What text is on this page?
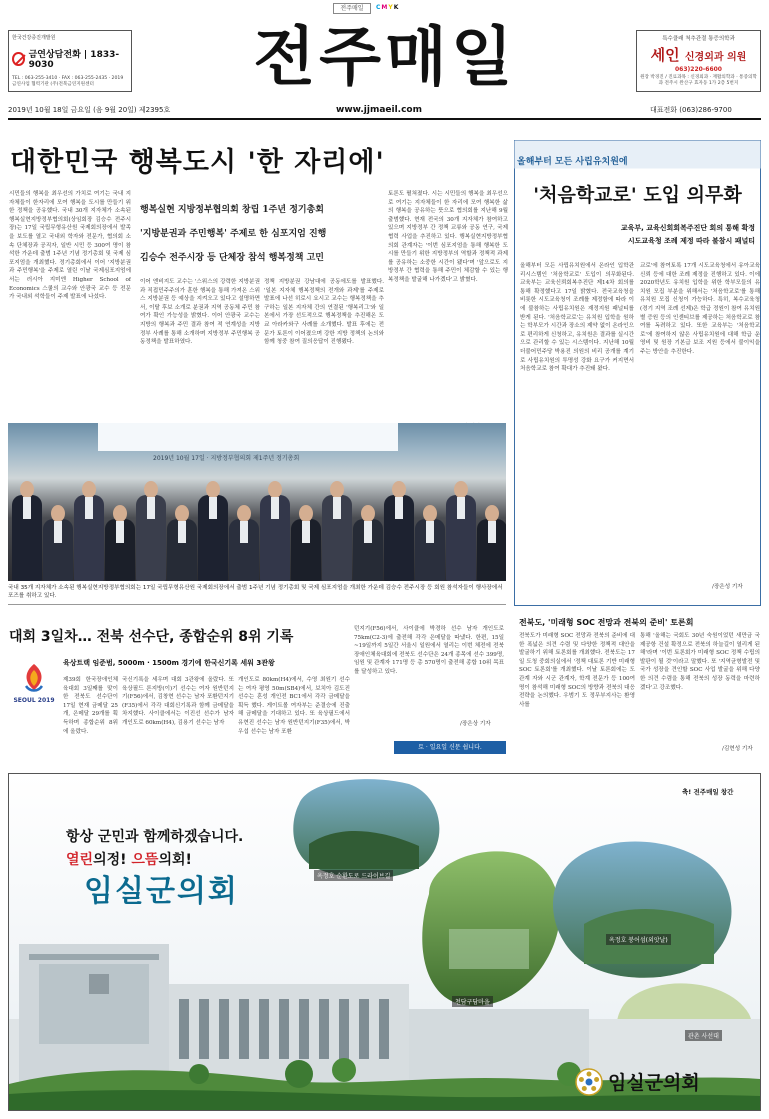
전주매일	CMYK
한국건강증진개발원
금연상담전화 | 1833-9030
TEL : 063-255-3410 · FAX : 063-255-2435 · 2019 금연사업 협력기관 (주)전북금연지원센터	전주매일	특수클래 척추관절 통증의학과
세인 신경외과 의원
063)220-6600
원장 박경진 / 진료과목 : 신경외과 · 재활의학과 · 통증의학과 전주시 완산구 효자동 1가 2층 5번지
2019년 10월 18일 금요일 (음 9월 20일) 제2395호	www.jjmaeil.com	대표전화 (063)286-9700
대한민국 행복도시 '한 자리에'
시민들의 행복을 최우선의 가치로 여기는 국내 지자체들이 한자리에 모여 행복을 도시를 만들기 위한 정책을 공유했다. 국내 30개 지자체가 소속된 행복실현지방정부협의회(상임회장 김승수 전주시장)는 17일 국립무형유산원 국제회의장에서 발족을 보도를 열고 국내외 학자와 전문가, 협의회 소속 단체장과 공직자, 일반 시민 등 300여 명이 참석한 가운데 출범 1주년 기념 정기총회 및 국제 심포지엄을 개최했다. 정기총회에서 이어 '지방분권과 주민행복'을 주제로 열린 이날 국제심포지엄에서는 러시아 지미엔 Higher School of Economics 스쿨의 교수와 안광국 교수 등 전문가 국내외 석학들이 주제 발표에 나섰다.
행복실현 지방정부협의회 창립 1주년 정기총회
'지방분권과 주민행복' 주제로 한 심포지엄 진행
김승수 전주시장 등 단체장 참석 행복정책 고민
이어 엔비지도 교수는 '스위스의 강력한 지방분권과 직접민주주의가 훈한 행복을 통해 가져온 스위스 지방분권 등 예상을 지켜오고 있다고 설명하면서, 이탈 후보 소개로 분권과 지역 공동체 주민 참여가 확인 가능성을 밝혔다. 이어 안광국 교수는 지방의 행복과 주민 결과 참여 적 연계성을 지방정부 사례를 통해 소개하며 지방정부 주민행복 공동정책을 발표하였다.
정책 지방분권 강남대에 공동에도를 발표했다. '일본 지자체 행복정책의 전개와 과제'를 주제로 발표에 나선 히로시 요시고 교수는 행복정책을 추구하는 일본 지자체 간의 연결된 '행복리그'와 일본에서 가장 선도적으로 행복정책을 추진해온 도쿄 아라카와구 사례를 소개했다. 발표 후에는 전문가 토론이 이어졌으며 강한 지방 정책의 논의와 함께 청중 참여 질의응답이 진행됐다.
토론도 펼쳐졌다. 시는 시민들의 행복을 최우선으로 여기는 지자체들이 한 자리에 모여 행복한 삶의 행복을 공유하는 뜻으로 협의회를 지난해 9월 출범했다. 현재 전국의 30개 지자체가 참여하고 있으며 지방정부 간 정책 교류와 공동 연구, 국제 협력 사업을 추진하고 있다. 행복실현지방정부협의회 관계자는 '이번 심포지엄을 통해 행복한 도시를 만들기 위한 지방정부의 역할과 정책적 과제를 공유하는 소중한 시간이 됐다'며 '앞으로도 지방정부 간 협력을 통해 주민이 체감할 수 있는 행복정책을 발굴해 나가겠다'고 밝혔다.
2019년 10월 17일 · 지방정부협의회 제1주년 정기총회
국내 35개 지자체가 소속된 행복실현지방정부협의회는 17일 국립무형유산원 국제회의장에서 출범 1주년 기념 정기총회 및 국제 심포지엄을 개최한 가운데 김승수 전주시장 등 회원 참석자들이 행사장에서 포즈를 취하고 있다.
올해부터 모든 사립유치원에
'처음학교로' 도입 의무화
교육부, 교육신회회복주진단 회의 통해 확정
시도교육청 조례 제정 따라 불참시 패널티
올해부터 모든 사립유치원에서 온라인 입학관리시스템인 '처음학교로' 도입이 의무화된다. 교육부는 교육신뢰회복추진단 제14차 회의를 통해 확정했다고 17일 밝혔다. 전국교육청을 비롯한 시도교육청이 조례를 제정함에 따라 이에 불참하는 사립유치원은 재정지원 패널티를 받게 된다. '처음학교로'는 유치원 입학을 원하는 학부모가 시간과 장소의 제약 없이 온라인으로 편리하게 신청하고, 유치원은 결과를 실시간으로 관리할 수 있는 시스템이다. 지난해 10월 더불어민주당 박용진 의원의 비리 공개를 계기로 사립유치원의 투명성 강화 요구가 커지면서 처음학교로 참여 확대가 추진돼 왔다.
교로'에 참여토록 17개 시도교육청에서 유아교육 신뢰 등에 대한 조례 제정을 진행하고 있다. 이에 2020학년도 유치원 입학을 위한 학부모들의 유치원 모집 부분을 위해서는 '처음학교로'를 통해 유치원 모집 신청이 가능하다. 특히, 복수교육청(경기 지역 조례 선제)은 학급 정원이 참여 유치원 별 증원 등의 인센티브를 제공하는 처음학교로 참여를 독려하고 있다. 또한 교육부는 '처음학교로'에 참여하지 않은 사립유치원에 대해 학급 운영비 및 원장 기본급 보조 지원 등에서 불이익을 주는 방안을 추진한다.
/장은성 기자
대회 3일차… 전북 선수단, 종합순위 8위 기록
육상트랙 임준범, 5000m · 1500m 경기에 한국신기록 세워 3관왕
SEOUL 2019
제39회 한국장애인체육대회 3일째를 맞이한 전북도 선수단이 17일 현재 금메달 25개, 은메달 29개를 획득하며 종합순위 8위에 올랐다.
국신기록을 세우며 대회 3관왕에 올랐다. 또 육상필드 론지방(이)기 선수는 여자 원반던지기(F56)에서, 김창현 선수는 남자 포환던지기(F35)에서 각각 대회신기록과 함께 금메달을 차지했다. 사이클에서는 이진선 선수가 남자 개인도로 60km(H4), 김용기 선수는 남자
개인도로 80km(H4)에서, 수영 최원기 선수는 여자 평영 50m(SB4)에서, 보치아 김도진 선수는 혼성 개인전 BC1에서 각각 금메달을 획득 했다. 게이트볼 여자부는 준결승에 진출해 금메달을 기대하고 있다. 또 육상필드에서 유현진 선수는 남자 원반던지기(F35)에서, 박우섭 선수는 남자 포환
던지기(F56)에서, 사이클에 박경하 선수 남자 개인도로 75km(C2-3)에 출전해 각각 은메달을 따냈다. 한편, 15일~19일까지 5일간 서울시 일원에서 열리는 이번 체전에 전북 장애인체육대회에 전북도 선수단은 24개 종목에 선수 399명, 임원 및 관계자 171명 등 총 570명이 출전해 종합 10위 목표를 달성하고 있다.
/장은상 기자
토 · 일요일 신문 쉽니다.
전북도, '미래형 SOC 전망과 전북의 준비' 토론회
전북도가 미래형 SOC 전망과 전북의 준비에 대한 폭넓은 의견 수렴 및 다양한 정책적 대안을 발굴하기 위해 토론회를 개최했다. 전북도는 17일 도청 중회의실에서 '정책 대토론 기반 미래형 SOC 토론회'를 개최했다. 이날 토론회에는 도관계 자와 시군 관계자, 학계 전문가 등 100여명이 참석해 미래형 SOC의 방향과 전북의 대응 전략을 논의했다. 우범기 도 정무부지사는 환영사를
통해 '올해는 국회도 30년 숙원이었던 새만금 국제공항 건설 확정으로 전북의 하늘길이 열리게 된 해'라며 '이번 토론회가 미래형 SOC 정책 수립의 발판이 될 것'이라고 말했다. 또 '지역균형발전 및 국가 성장을 견인할 SOC 사업 발굴을 위해 다양한 의견 수렴을 통해 전북의 성장 동력을 마련하겠다'고 강조했다.
/김현성 기자
옥정호 순환도로 드라이브길
천담구담마을
옥정호 붕어섬(외앗날)
관촌 사선대
축! 전주매일 창간
항상 군민과 함께하겠습니다.
열린의정! 으뜸의회!
임실군의회
임실군의회
